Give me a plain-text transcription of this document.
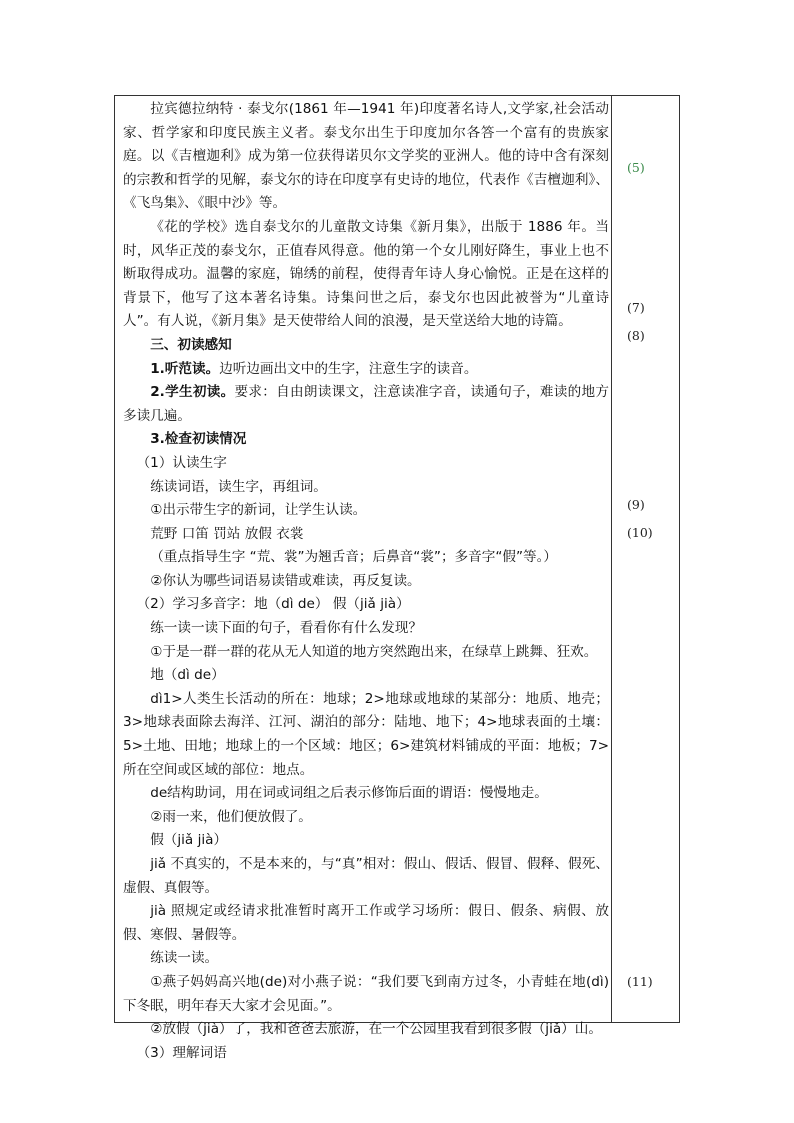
拉宾德拉纳特 · 泰戈尔(1861 年—1941 年)印度著名诗人,文学家,社会活动家、哲学家和印度民族主义者。泰戈尔出生于印度加尔各答一个富有的贵族家庭。以《吉檀迦利》成为第一位获得诺贝尔文学奖的亚洲人。他的诗中含有深刻的宗教和哲学的见解，泰戈尔的诗在印度享有史诗的地位，代表作《吉檀迦利》、《飞鸟集》、《眼中沙》等。

《花的学校》选自泰戈尔的儿童散文诗集《新月集》，出版于 1886 年。当时，风华正茂的泰戈尔，正值春风得意。他的第一个女儿刚好降生，事业上也不断取得成功。温馨的家庭，锦绣的前程，使得青年诗人身心愉悦。正是在这样的背景下，他写了这本著名诗集。诗集问世之后，泰戈尔也因此被誉为“儿童诗人”。有人说，《新月集》是天使带给人间的浪漫，是天堂送给大地的诗篇。

三、初读感知

1.听范读。边听边画出文中的生字，注意生字的读音。

2.学生初读。要求：自由朗读课文，注意读准字音，读通句子，难读的地方多读几遍。

3.检查初读情况

（1）认读生字

练读词语，读生字，再组词。

①出示带生字的新词，让学生认读。

荒野 口笛 罚站 放假 衣裳

（重点指导生字 “荒、裳”为翘舌音；后鼻音“裳”；多音字“假”等。）

②你认为哪些词语易读错或难读，再反复读。

（2）学习多音字：地（dì de） 假（jiǎ jià）

练一读一读下面的句子，看看你有什么发现？

①于是一群一群的花从无人知道的地方突然跑出来，在绿草上跳舞、狂欢。

地（dì de）

dì1>人类生长活动的所在：地球；2>地球或地球的某部分：地质、地壳；3>地球表面除去海洋、江河、湖泊的部分：陆地、地下；4>地球表面的土壤：5>土地、田地；地球上的一个区域：地区；6>建筑材料铺成的平面：地板；7>所在空间或区域的部位：地点。

de结构助词，用在词或词组之后表示修饰后面的谓语：慢慢地走。

②雨一来，他们便放假了。

假（jiǎ jià）

jiǎ 不真实的，不是本来的，与“真”相对：假山、假话、假冒、假释、假死、虚假、真假等。

jià 照规定或经请求批准暂时离开工作或学习场所：假日、假条、病假、放假、寒假、暑假等。

练读一读。

①燕子妈妈高兴地(de)对小燕子说：“我们要飞到南方过冬，小青蛙在地(dì)下冬眠，明年春天大家才会见面。”。

②放假（jià）了，我和爸爸去旅游，在一个公园里我看到很多假（jiǎ）山。

（3）理解词语

(5)
(7)
(8)
(9)
(10)
(11)
